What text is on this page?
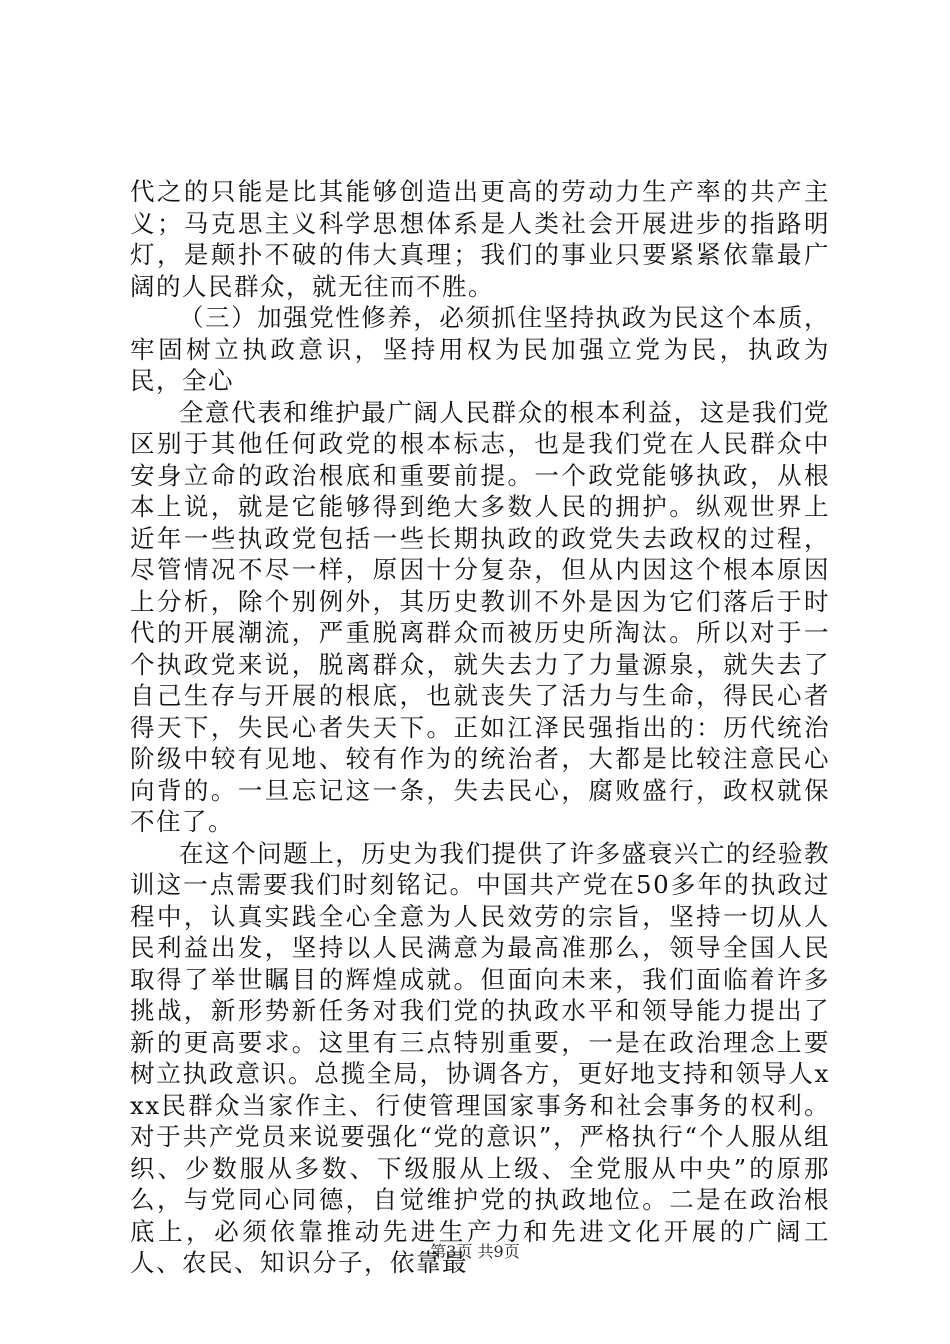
代之的只能是比其能够创造出更高的劳动力生产率的共产主义；马克思主义科学思想体系是人类社会开展进步的指路明灯，是颠扑不破的伟大真理；我们的事业只要紧紧依靠最广阔的人民群众，就无往而不胜。

（三）加强党性修养，必须抓住坚持执政为民这个本质，牢固树立执政意识，坚持用权为民加强立党为民，执政为民，全心

全意代表和维护最广阔人民群众的根本利益，这是我们党区别于其他任何政党的根本标志，也是我们党在人民群众中安身立命的政治根底和重要前提。一个政党能够执政，从根本上说，就是它能够得到绝大多数人民的拥护。纵观世界上近年一些执政党包括一些长期执政的政党失去政权的过程，尽管情况不尽一样，原因十分复杂，但从内因这个根本原因上分析，除个别例外，其历史教训不外是因为它们落后于时代的开展潮流，严重脱离群众而被历史所淘汰。所以对于一个执政党来说，脱离群众，就失去力了力量源泉，就失去了自己生存与开展的根底，也就丧失了活力与生命，得民心者得天下，失民心者失天下。正如江泽民强指出的：历代统治阶级中较有见地、较有作为的统治者，大都是比较注意民心向背的。一旦忘记这一条，失去民心，腐败盛行，政权就保不住了。

在这个问题上，历史为我们提供了许多盛衰兴亡的经验教训这一点需要我们时刻铭记。中国共产党在50多年的执政过程中，认真实践全心全意为人民效劳的宗旨，坚持一切从人民利益出发，坚持以人民满意为最高准那么，领导全国人民取得了举世瞩目的辉煌成就。但面向未来，我们面临着许多挑战，新形势新任务对我们党的执政水平和领导能力提出了新的更高要求。这里有三点特别重要，一是在政治理念上要树立执政意识。总揽全局，协调各方，更好地支持和领导人xxx民群众当家作主、行使管理国家事务和社会事务的权利。对于共产党员来说要强化“党的意识”，严格执行“个人服从组织、少数服从多数、下级服从上级、全党服从中央”的原那么，与党同心同德，自觉维护党的执政地位。二是在政治根底上，必须依靠推动先进生产力和先进文化开展的广阔工人、农民、知识分子，依靠最

第3页 共9页
